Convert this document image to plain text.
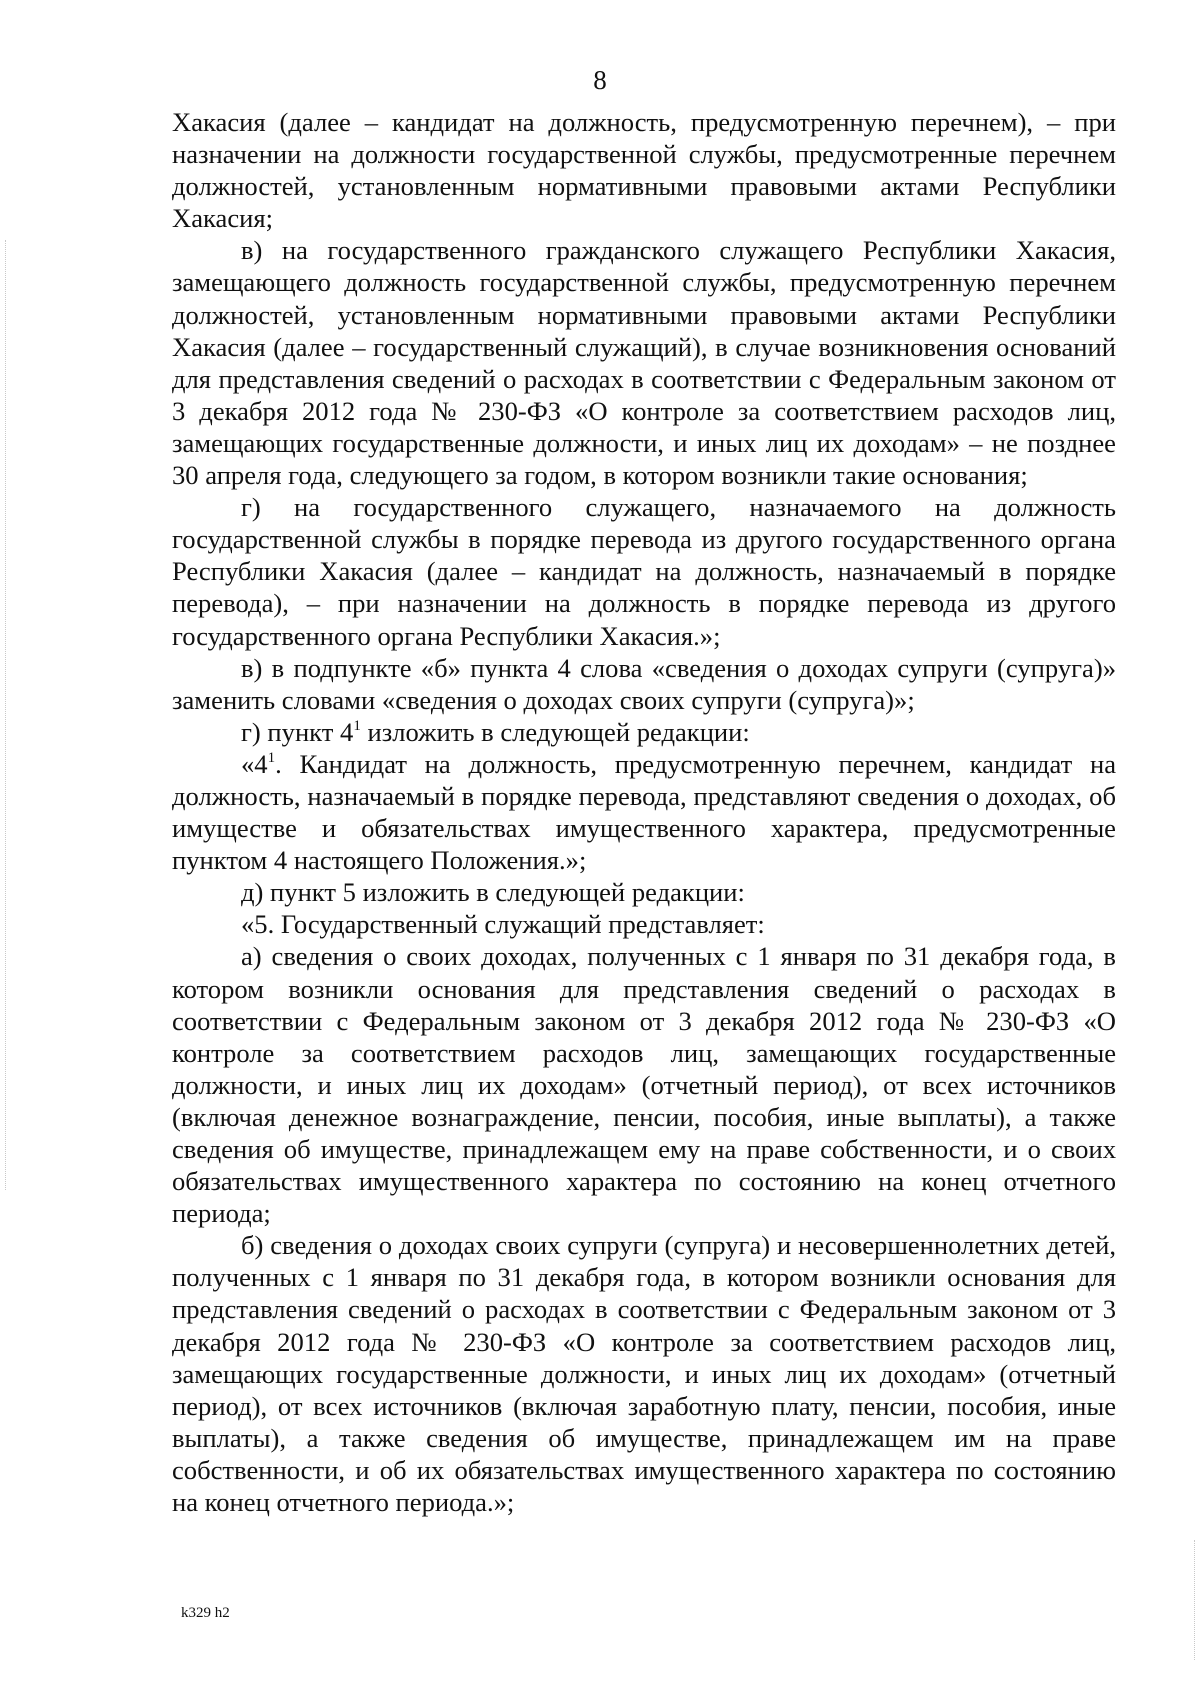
8

Хакасия (далее – кандидат на должность, предусмотренную перечнем), – при назначении на должности государственной службы, предусмотренные перечнем должностей, установленным нормативными правовыми актами Республики Хакасия;

в) на государственного гражданского служащего Республики Хакасия, замещающего должность государственной службы, предусмотренную перечнем должностей, установленным нормативными правовыми актами Республики Хакасия (далее – государственный служащий), в случае возникновения оснований для представления сведений о расходах в соответствии с Федеральным законом от 3 декабря 2012 года № 230-ФЗ «О контроле за соответствием расходов лиц, замещающих государственные должности, и иных лиц их доходам» – не позднее 30 апреля года, следующего за годом, в котором возникли такие основания;

г) на государственного служащего, назначаемого на должность государственной службы в порядке перевода из другого государственного органа Республики Хакасия (далее – кандидат на должность, назначаемый в порядке перевода), – при назначении на должность в порядке перевода из другого государственного органа Республики Хакасия.»;

в) в подпункте «б» пункта 4 слова «сведения о доходах супруги (супруга)» заменить словами «сведения о доходах своих супруги (супруга)»;

г) пункт $4^1$ изложить в следующей редакции:

«$4^1$. Кандидат на должность, предусмотренную перечнем, кандидат на должность, назначаемый в порядке перевода, представляют сведения о доходах, об имуществе и обязательствах имущественного характера, предусмотренные пунктом 4 настоящего Положения.»;

д) пункт 5 изложить в следующей редакции:

«5. Государственный служащий представляет:

а) сведения о своих доходах, полученных с 1 января по 31 декабря года, в котором возникли основания для представления сведений о расходах в соответствии с Федеральным законом от 3 декабря 2012 года № 230-ФЗ «О контроле за соответствием расходов лиц, замещающих государственные должности, и иных лиц их доходам» (отчетный период), от всех источников (включая денежное вознаграждение, пенсии, пособия, иные выплаты), а также сведения об имуществе, принадлежащем ему на праве собственности, и о своих обязательствах имущественного характера по состоянию на конец отчетного периода;

б) сведения о доходах своих супруги (супруга) и несовершеннолетних детей, полученных с 1 января по 31 декабря года, в котором возникли основания для представления сведений о расходах в соответствии с Федеральным законом от 3 декабря 2012 года № 230-ФЗ «О контроле за соответствием расходов лиц, замещающих государственные должности, и иных лиц их доходам» (отчетный период), от всех источников (включая заработную плату, пенсии, пособия, иные выплаты), а также сведения об имуществе, принадлежащем им на праве собственности, и об их обязательствах имущественного характера по состоянию на конец отчетного периода.»;

k329 h2
